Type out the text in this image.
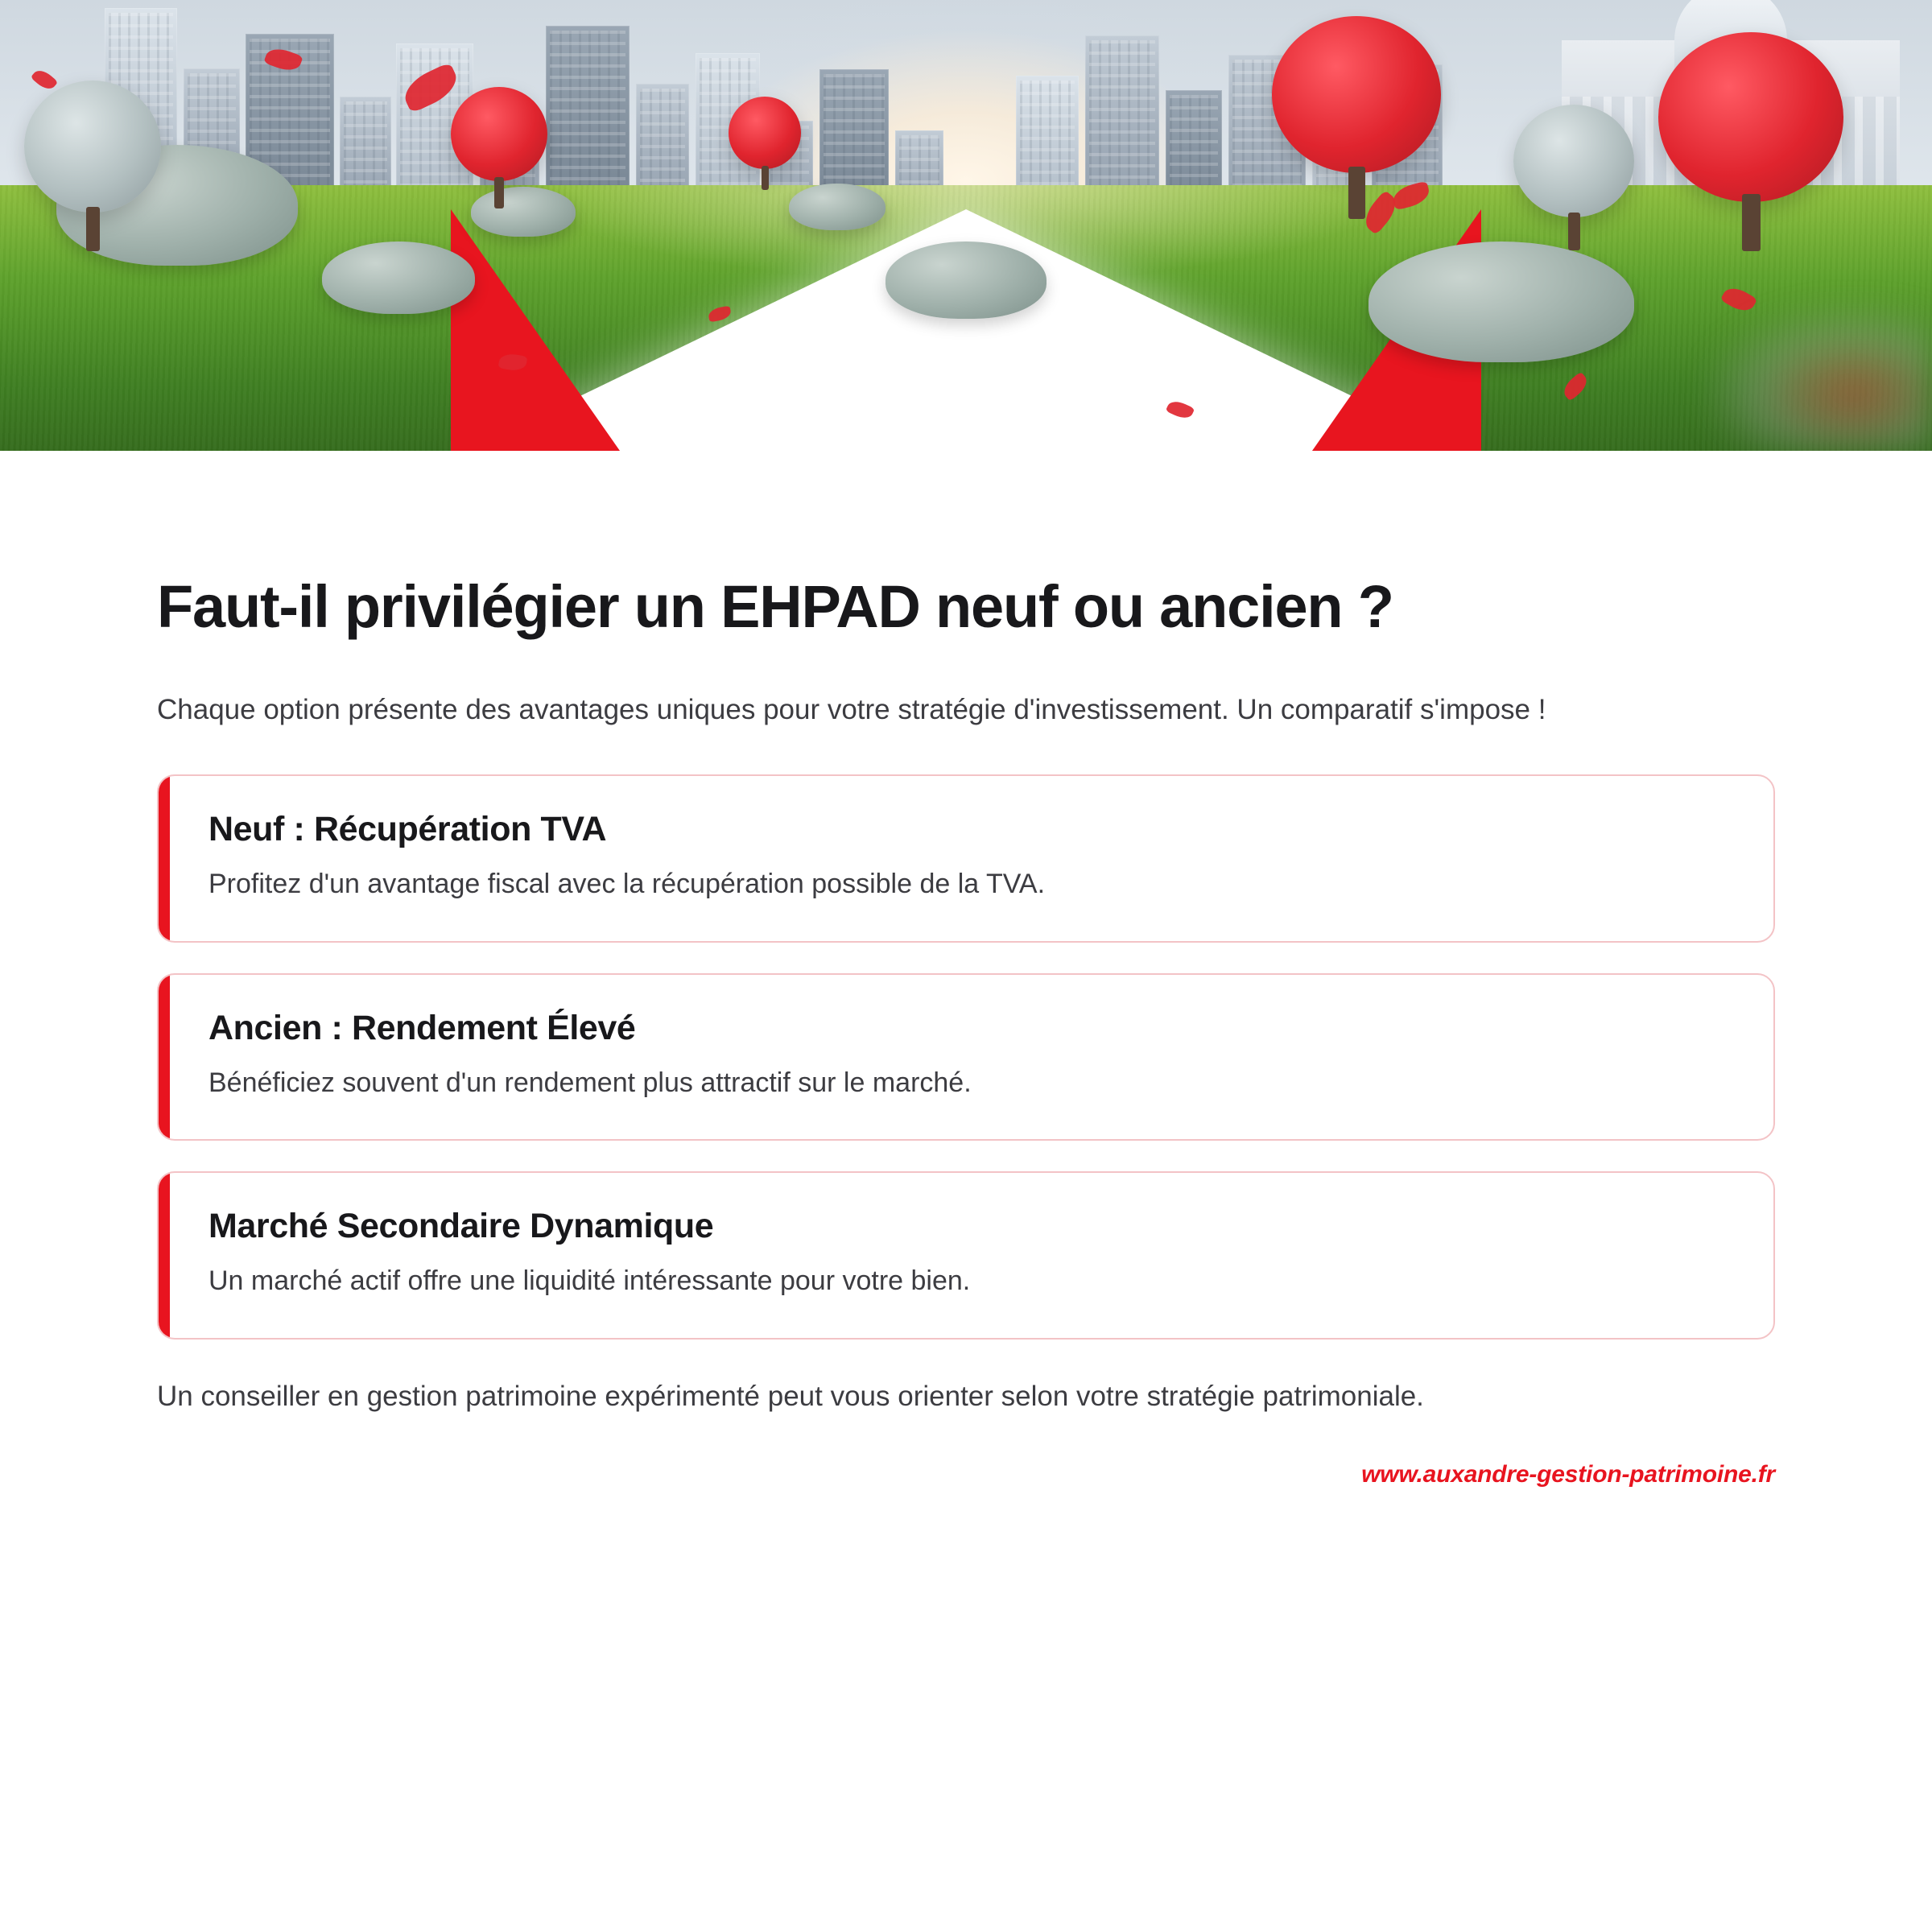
Faut-il privilégier un EHPAD neuf ou ancien ?

Chaque option présente des avantages uniques pour votre stratégie d'investissement. Un comparatif s'impose !

Neuf : Récupération TVA

Profitez d'un avantage fiscal avec la récupération possible de la TVA.

Ancien : Rendement Élevé

Bénéficiez souvent d'un rendement plus attractif sur le marché.

Marché Secondaire Dynamique

Un marché actif offre une liquidité intéressante pour votre bien.

Un conseiller en gestion patrimoine expérimenté peut vous orienter selon votre stratégie patrimoniale.

www.auxandre-gestion-patrimoine.fr
